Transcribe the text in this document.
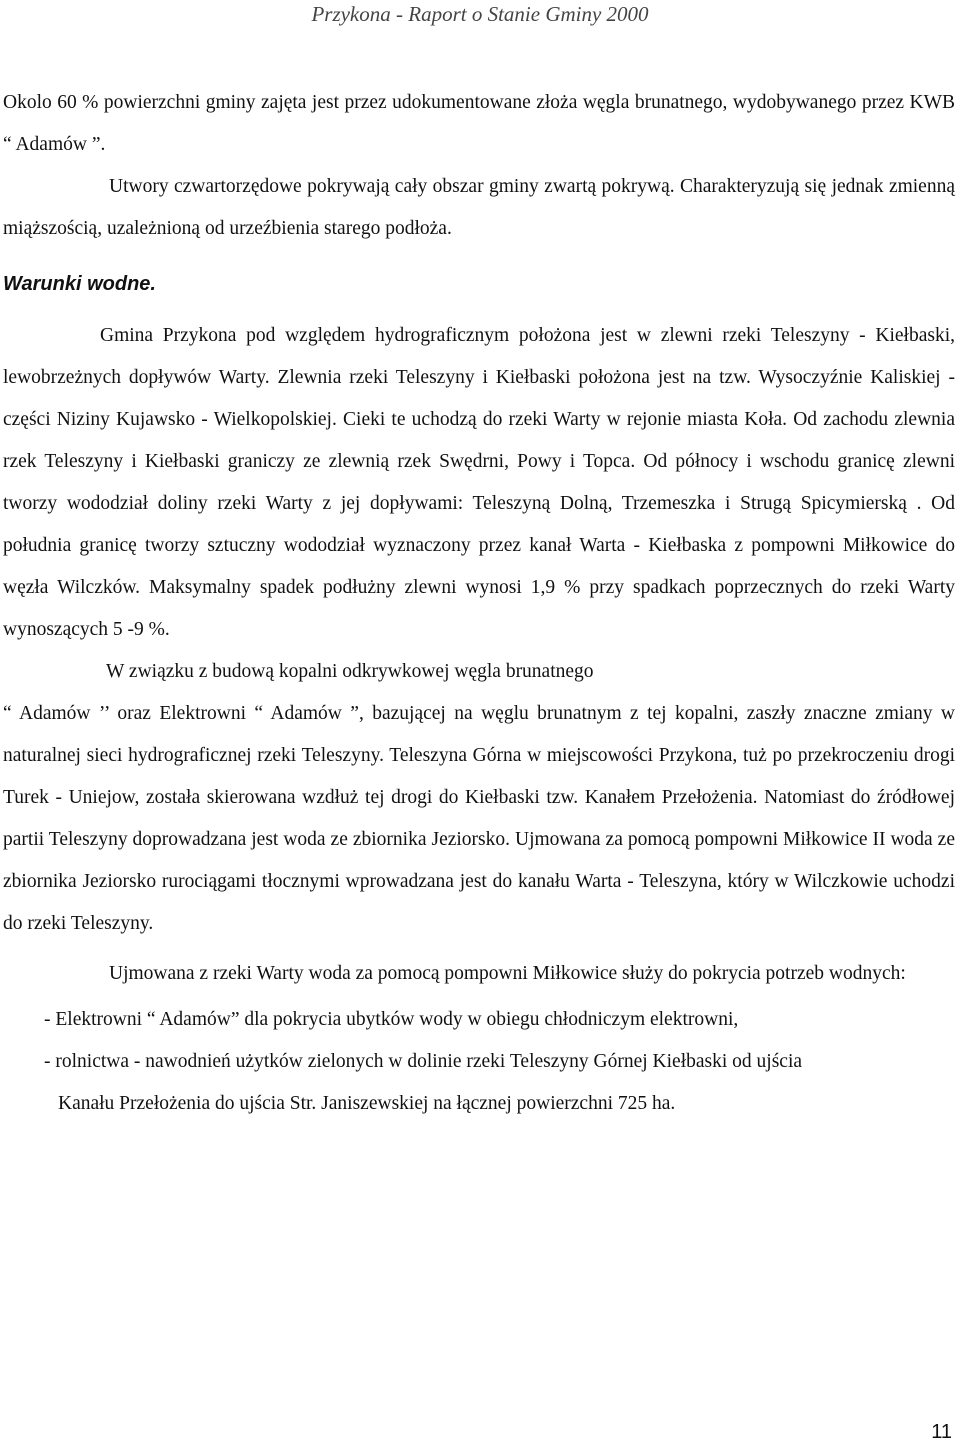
Przykona - Raport o Stanie Gminy 2000

Okolo 60 % powierzchni gminy zajęta jest przez udokumentowane złoża węgla brunatnego, wydobywanego przez KWB “ Adamów ”.

Utwory czwartorzędowe pokrywają cały obszar gminy zwartą pokrywą. Charakteryzują się jednak zmienną miąższością, uzależnioną od urzeźbienia starego podłoża.

Warunki wodne.

Gmina Przykona pod względem hydrograficznym położona jest w zlewni rzeki Teleszyny - Kiełbaski, lewobrzeżnych dopływów Warty. Zlewnia rzeki Teleszyny i Kiełbaski położona jest na tzw. Wysoczyźnie Kaliskiej - części Niziny Kujawsko - Wielkopolskiej. Cieki te uchodzą do rzeki Warty w rejonie miasta Koła. Od zachodu zlewnia rzek Teleszyny i Kiełbaski graniczy ze zlewnią rzek Swędrni, Powy i Topca. Od północy i wschodu granicę zlewni tworzy wododział doliny rzeki Warty z jej dopływami: Teleszyną Dolną, Trzemeszka i Strugą Spicymierską . Od południa granicę tworzy sztuczny wododział wyznaczony przez kanał Warta - Kiełbaska z pompowni Miłkowice do węzła Wilczków. Maksymalny spadek podłużny zlewni wynosi 1,9 % przy spadkach poprzecznych do rzeki Warty wynoszących 5 -9 %.

W związku z budową kopalni odkrywkowej węgla brunatnego

“ Adamów ’’ oraz Elektrowni “ Adamów ”, bazującej na węglu brunatnym z tej kopalni, zaszły znaczne zmiany w naturalnej sieci hydrograficznej rzeki Teleszyny. Teleszyna Górna w miejscowości Przykona, tuż po przekroczeniu drogi Turek - Uniejow, została skierowana wzdłuż tej drogi do Kiełbaski tzw. Kanałem Przełożenia. Natomiast do źródłowej partii Teleszyny doprowadzana jest woda ze zbiornika Jeziorsko. Ujmowana za pomocą pompowni Miłkowice II woda ze zbiornika Jeziorsko rurociągami tłocznymi wprowadzana jest do kanału Warta - Teleszyna, który w Wilczkowie uchodzi do rzeki Teleszyny.

Ujmowana z rzeki Warty woda za pomocą pompowni Miłkowice służy do pokrycia potrzeb wodnych:

- Elektrowni “ Adamów” dla pokrycia ubytków wody w obiegu chłodniczym elektrowni,

- rolnictwa - nawodnień użytków zielonych w dolinie rzeki Teleszyny Górnej Kiełbaski od ujścia Kanału Przełożenia do ujścia Str. Janiszewskiej na łącznej powierzchni 725 ha.

11
